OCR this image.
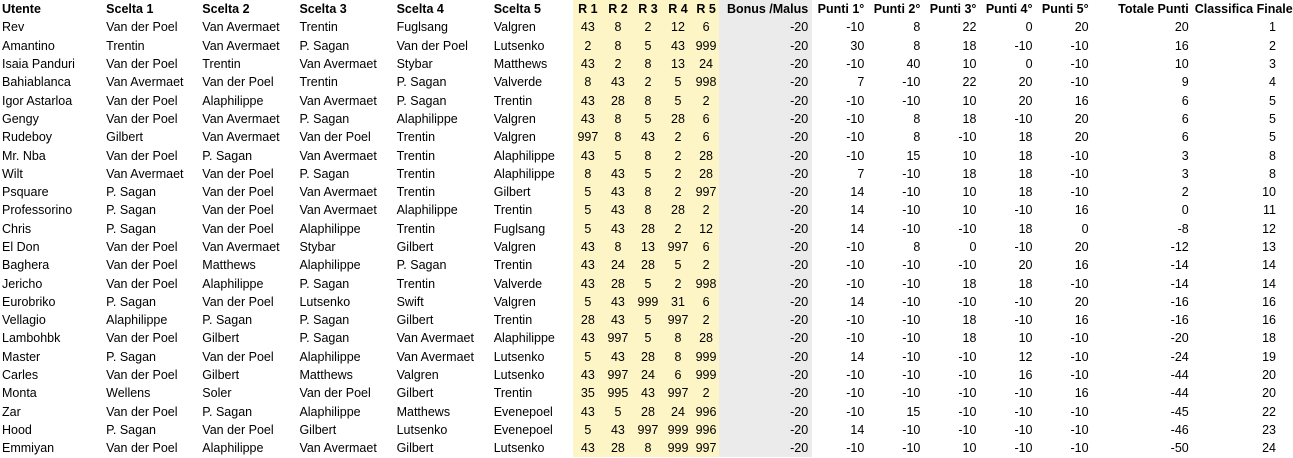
Utente	Scelta 1	Scelta 2	Scelta 3	Scelta 4	Scelta 5	R 1	R 2	R 3	R 4	R 5	Bonus /Malus	Punti 1°	Punti 2°	Punti 3°	Punti 4°	Punti 5°	Totale Punti	Classifica Finale
Rev	Van der Poel	Van Avermaet	Trentin	Fuglsang	Valgren	43	8	2	12	6	-20	-10	8	22	0	20	20	1
Amantino	Trentin	Van Avermaet	P. Sagan	Van der Poel	Lutsenko	2	8	5	43	999	-20	30	8	18	-10	-10	16	2
Isaia Panduri	Van der Poel	Trentin	Van Avermaet	Stybar	Matthews	43	2	8	13	24	-20	-10	40	10	0	-10	10	3
Bahiablanca	Van Avermaet	Van der Poel	Trentin	P. Sagan	Valverde	8	43	2	5	998	-20	7	-10	22	20	-10	9	4
Igor Astarloa	Van der Poel	Alaphilippe	Van Avermaet	P. Sagan	Trentin	43	28	8	5	2	-20	-10	-10	10	20	16	6	5
Gengy	Van der Poel	Van Avermaet	P. Sagan	Alaphilippe	Valgren	43	8	5	28	6	-20	-10	8	18	-10	20	6	5
Rudeboy	Gilbert	Van Avermaet	Van der Poel	Trentin	Valgren	997	8	43	2	6	-20	-10	8	-10	18	20	6	5
Mr. Nba	Van der Poel	P. Sagan	Van Avermaet	Trentin	Alaphilippe	43	5	8	2	28	-20	-10	15	10	18	-10	3	8
Wilt	Van Avermaet	Van der Poel	P. Sagan	Trentin	Alaphilippe	8	43	5	2	28	-20	7	-10	18	18	-10	3	8
Psquare	P. Sagan	Van der Poel	Van Avermaet	Trentin	Gilbert	5	43	8	2	997	-20	14	-10	10	18	-10	2	10
Professorino	P. Sagan	Van der Poel	Van Avermaet	Alaphilippe	Trentin	5	43	8	28	2	-20	14	-10	10	-10	16	0	11
Chris	P. Sagan	Van der Poel	Alaphilippe	Trentin	Fuglsang	5	43	28	2	12	-20	14	-10	-10	18	0	-8	12
El Don	Van der Poel	Van Avermaet	Stybar	Gilbert	Valgren	43	8	13	997	6	-20	-10	8	0	-10	20	-12	13
Baghera	Van der Poel	Matthews	Alaphilippe	P. Sagan	Trentin	43	24	28	5	2	-20	-10	-10	-10	20	16	-14	14
Jericho	Van der Poel	Alaphilippe	P. Sagan	Trentin	Valverde	43	28	5	2	998	-20	-10	-10	18	18	-10	-14	14
Eurobriko	P. Sagan	Van der Poel	Lutsenko	Swift	Valgren	5	43	999	31	6	-20	14	-10	-10	-10	20	-16	16
Vellagio	Alaphilippe	P. Sagan	P. Sagan	Gilbert	Trentin	28	43	5	997	2	-20	-10	-10	18	-10	16	-16	16
Lambohbk	Van der Poel	Gilbert	P. Sagan	Van Avermaet	Alaphilippe	43	997	5	8	28	-20	-10	-10	18	10	-10	-20	18
Master	P. Sagan	Van der Poel	Alaphilippe	Van Avermaet	Lutsenko	5	43	28	8	999	-20	14	-10	-10	12	-10	-24	19
Carles	Van der Poel	Gilbert	Matthews	Valgren	Lutsenko	43	997	24	6	999	-20	-10	-10	-10	16	-10	-44	20
Monta	Wellens	Soler	Van der Poel	Gilbert	Trentin	35	995	43	997	2	-20	-10	-10	-10	-10	16	-44	20
Zar	Van der Poel	P. Sagan	Alaphilippe	Matthews	Evenepoel	43	5	28	24	996	-20	-10	15	-10	-10	-10	-45	22
Hood	P. Sagan	Van der Poel	Gilbert	Lutsenko	Evenepoel	5	43	997	999	996	-20	14	-10	-10	-10	-10	-46	23
Emmiyan	Van der Poel	Alaphilippe	Van Avermaet	Gilbert	Lutsenko	43	28	8	999	997	-20	-10	-10	10	-10	-10	-50	24
